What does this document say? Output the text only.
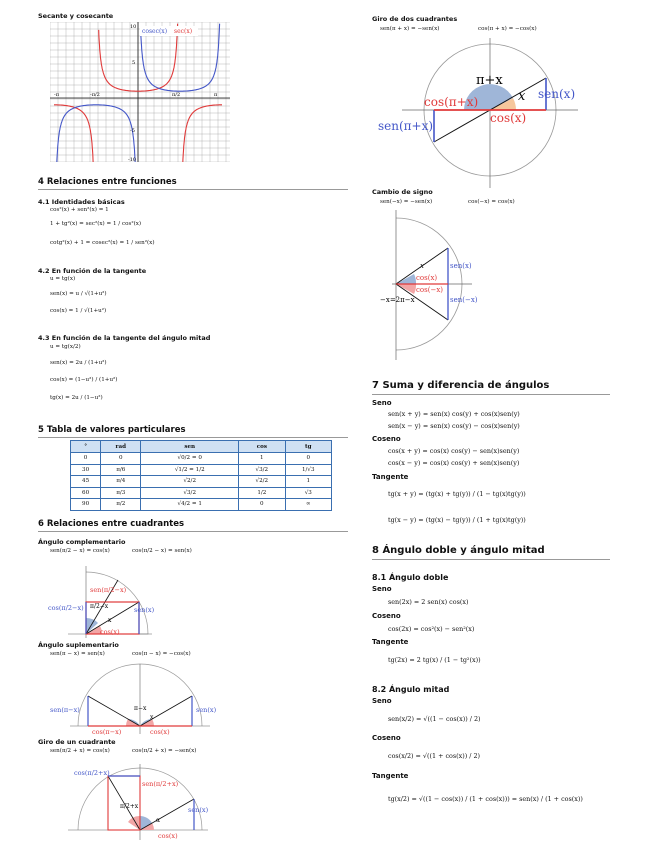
Secante y cosecante
cosec(x) sec(x)
10
5
-5
-10
-π	-π/2	π/2	π
4 Relaciones entre funciones
4.1 Identidades básicas
cos²(x) + sen²(x) = 1
1 + tg²(x) = sec²(x) = 1 / cos²(x)
cotg²(x) + 1 = cosec²(x) = 1 / sen²(x)
4.2 En función de la tangente
u = tg(x)
sen(x) = u / √(1+u²)
cos(x) = 1 / √(1+u²)
4.3 En función de la tangente del ángulo mitad
u = tg(x/2)
sen(x) = 2u / (1+u²)
cos(x) = (1−u²) / (1+u²)
tg(x) = 2u / (1−u²)
5 Tabla de valores particulares
°	rad	sen	cos	tg
0	0	√0/2 = 0	1	0
30	π/6	√1/2 = 1/2	√3/2	1/√3
45	π/4	√2/2	√2/2	1
60	π/3	√3/2	1/2	√3
90	π/2	√4/2 = 1	0	∞
6 Relaciones entre cuadrantes
Ángulo complementario
sen(π/2 − x) = cos(x)	cos(π/2 − x) = sen(x)
sen(π/2−x)
cos(π/2−x) π/2−x
x
sen(x)
cos(x)
Ángulo suplementario
sen(π − x) = sen(x)	cos(π − x) = −cos(x)
sen(π−x)	π−x
x
sen(x)
cos(π−x)	cos(x)
Giro de un cuadrante
sen(π/2 + x) = cos(x)	cos(π/2 + x) = −sen(x)
cos(π/2+x)
sen(π/2+x)
π/2+x
α
sen(x)
cos(x)
Giro de dos cuadrantes
sen(π + x) = −sen(x)	cos(π + x) = −cos(x)
π+x
x sen(x)
cos(π+x)
cos(x)
sen(π+x)
Cambio de signo
sen(−x) = −sen(x)	cos(−x) = cos(x)
x
cos(x)
cos(−x)
sen(x)
sen(−x)
−x=2π−x
7 Suma y diferencia de ángulos
Seno
sen(x + y) = sen(x) cos(y) + cos(x)sen(y)
sen(x − y) = sen(x) cos(y) − cos(x)sen(y)
Coseno
cos(x + y) = cos(x) cos(y) − sen(x)sen(y)
cos(x − y) = cos(x) cos(y) + sen(x)sen(y)
Tangente
tg(x + y) = (tg(x) + tg(y)) / (1 − tg(x)tg(y))
tg(x − y) = (tg(x) − tg(y)) / (1 + tg(x)tg(y))
8 Ángulo doble y ángulo mitad
8.1 Ángulo doble
Seno
sen(2x) = 2 sen(x) cos(x)
Coseno
cos(2x) = cos²(x) − sen²(x)
Tangente
tg(2x) = 2 tg(x) / (1 − tg²(x))
8.2 Ángulo mitad
Seno
sen(x/2) = √((1 − cos(x)) / 2)
Coseno
cos(x/2) = √((1 + cos(x)) / 2)
Tangente
tg(x/2) = √((1 − cos(x)) / (1 + cos(x))) = sen(x) / (1 + cos(x))
